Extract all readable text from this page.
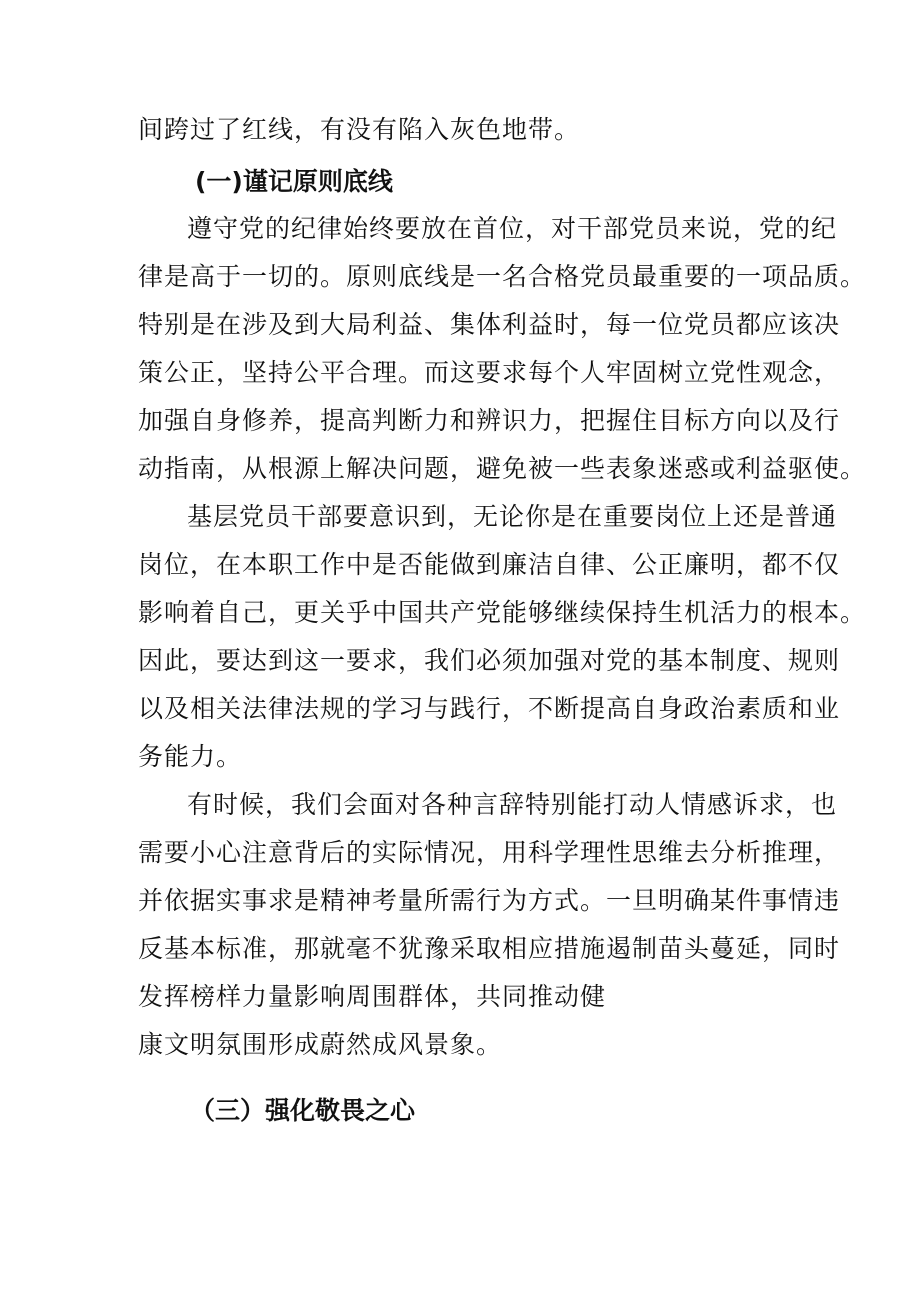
间跨过了红线，有没有陷入灰色地带。
(一)谨记原则底线
遵守党的纪律始终要放在首位，对干部党员来说，党的纪
律是高于一切的。原则底线是一名合格党员最重要的一项品质。
特别是在涉及到大局利益、集体利益时，每一位党员都应该决
策公正，坚持公平合理。而这要求每个人牢固树立党性观念，
加强自身修养，提高判断力和辨识力，把握住目标方向以及行
动指南，从根源上解决问题，避免被一些表象迷惑或利益驱使。
基层党员干部要意识到，无论你是在重要岗位上还是普通
岗位，在本职工作中是否能做到廉洁自律、公正廉明，都不仅
影响着自己，更关乎中国共产党能够继续保持生机活力的根本。
因此，要达到这一要求，我们必须加强对党的基本制度、规则
以及相关法律法规的学习与践行，不断提高自身政治素质和业
务能力。
有时候，我们会面对各种言辞特别能打动人情感诉求，也
需要小心注意背后的实际情况，用科学理性思维去分析推理，
并依据实事求是精神考量所需行为方式。一旦明确某件事情违
反基本标准，那就毫不犹豫采取相应措施遏制苗头蔓延，同时
发挥榜样力量影响周围群体，共同推动健
康文明氛围形成蔚然成风景象。
（三）强化敬畏之心
